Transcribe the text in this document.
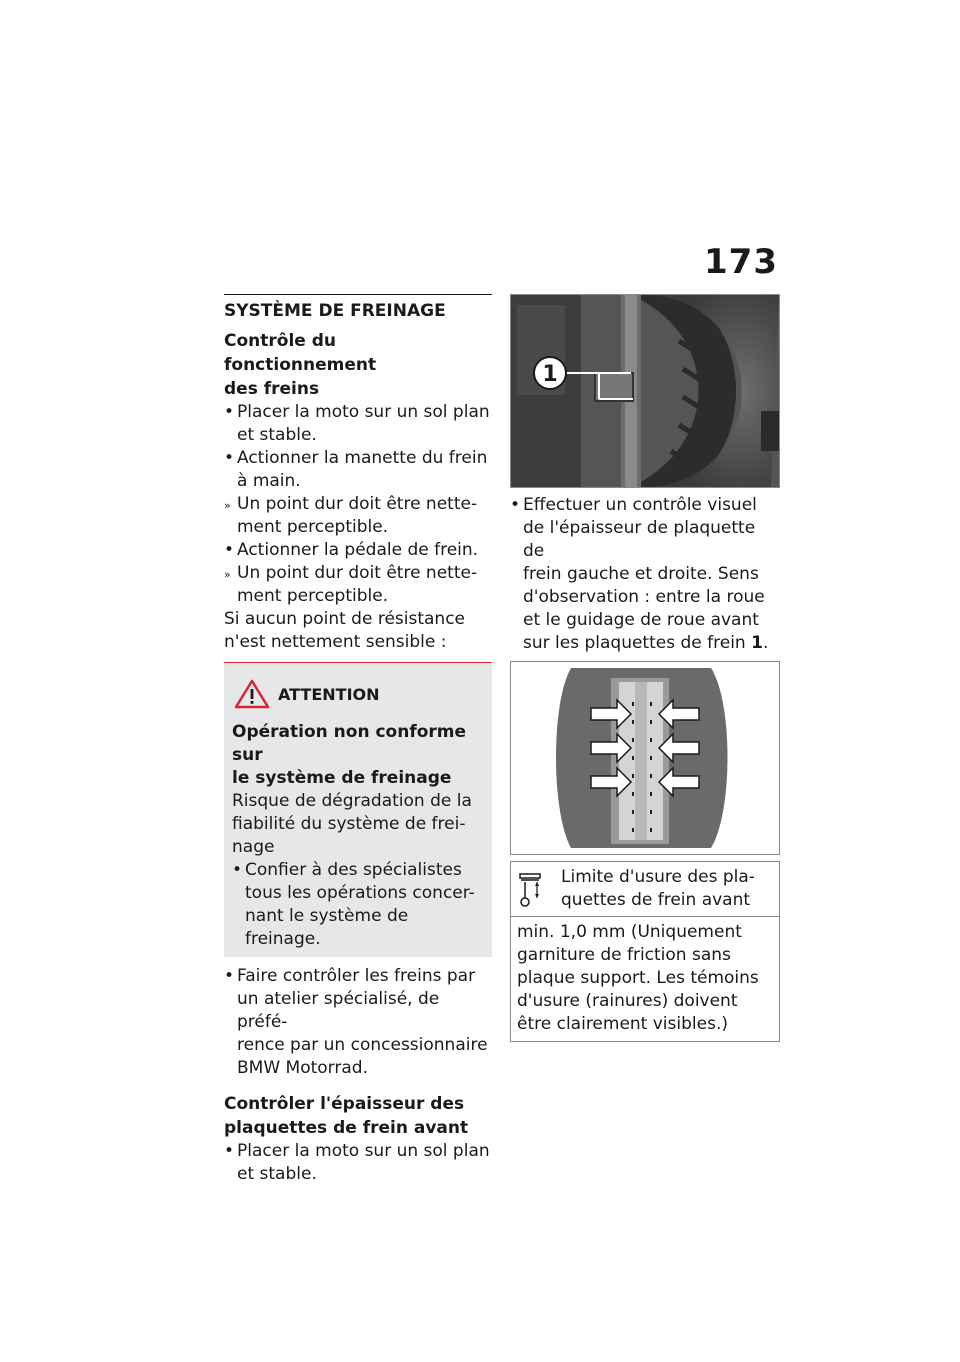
173
SYSTÈME DE FREINAGE
Contrôle du fonctionnement
des freins
• Placer la moto sur un sol plan
et stable.
• Actionner la manette du frein
à main.
» Un point dur doit être nette-
ment perceptible.
• Actionner la pédale de frein.
» Un point dur doit être nette-
ment perceptible.
Si aucun point de résistance
n'est nettement sensible :
ATTENTION
Opération non conforme sur
le système de freinage
Risque de dégradation de la
fiabilité du système de frei-
nage
• Confier à des spécialistes
tous les opérations concer-
nant le système de freinage.
• Faire contrôler les freins par
un atelier spécialisé, de préfé-
rence par un concessionnaire
BMW Motorrad.
Contrôler l'épaisseur des
plaquettes de frein avant
• Placer la moto sur un sol plan
et stable.
1
• Effectuer un contrôle visuel
de l'épaisseur de plaquette de
frein gauche et droite. Sens
d'observation : entre la roue
et le guidage de roue avant
sur les plaquettes de frein 1.
Limite d'usure des pla-
quettes de frein avant
min. 1,0 mm (Uniquement
garniture de friction sans
plaque support. Les témoins
d'usure (rainures) doivent
être clairement visibles.)
